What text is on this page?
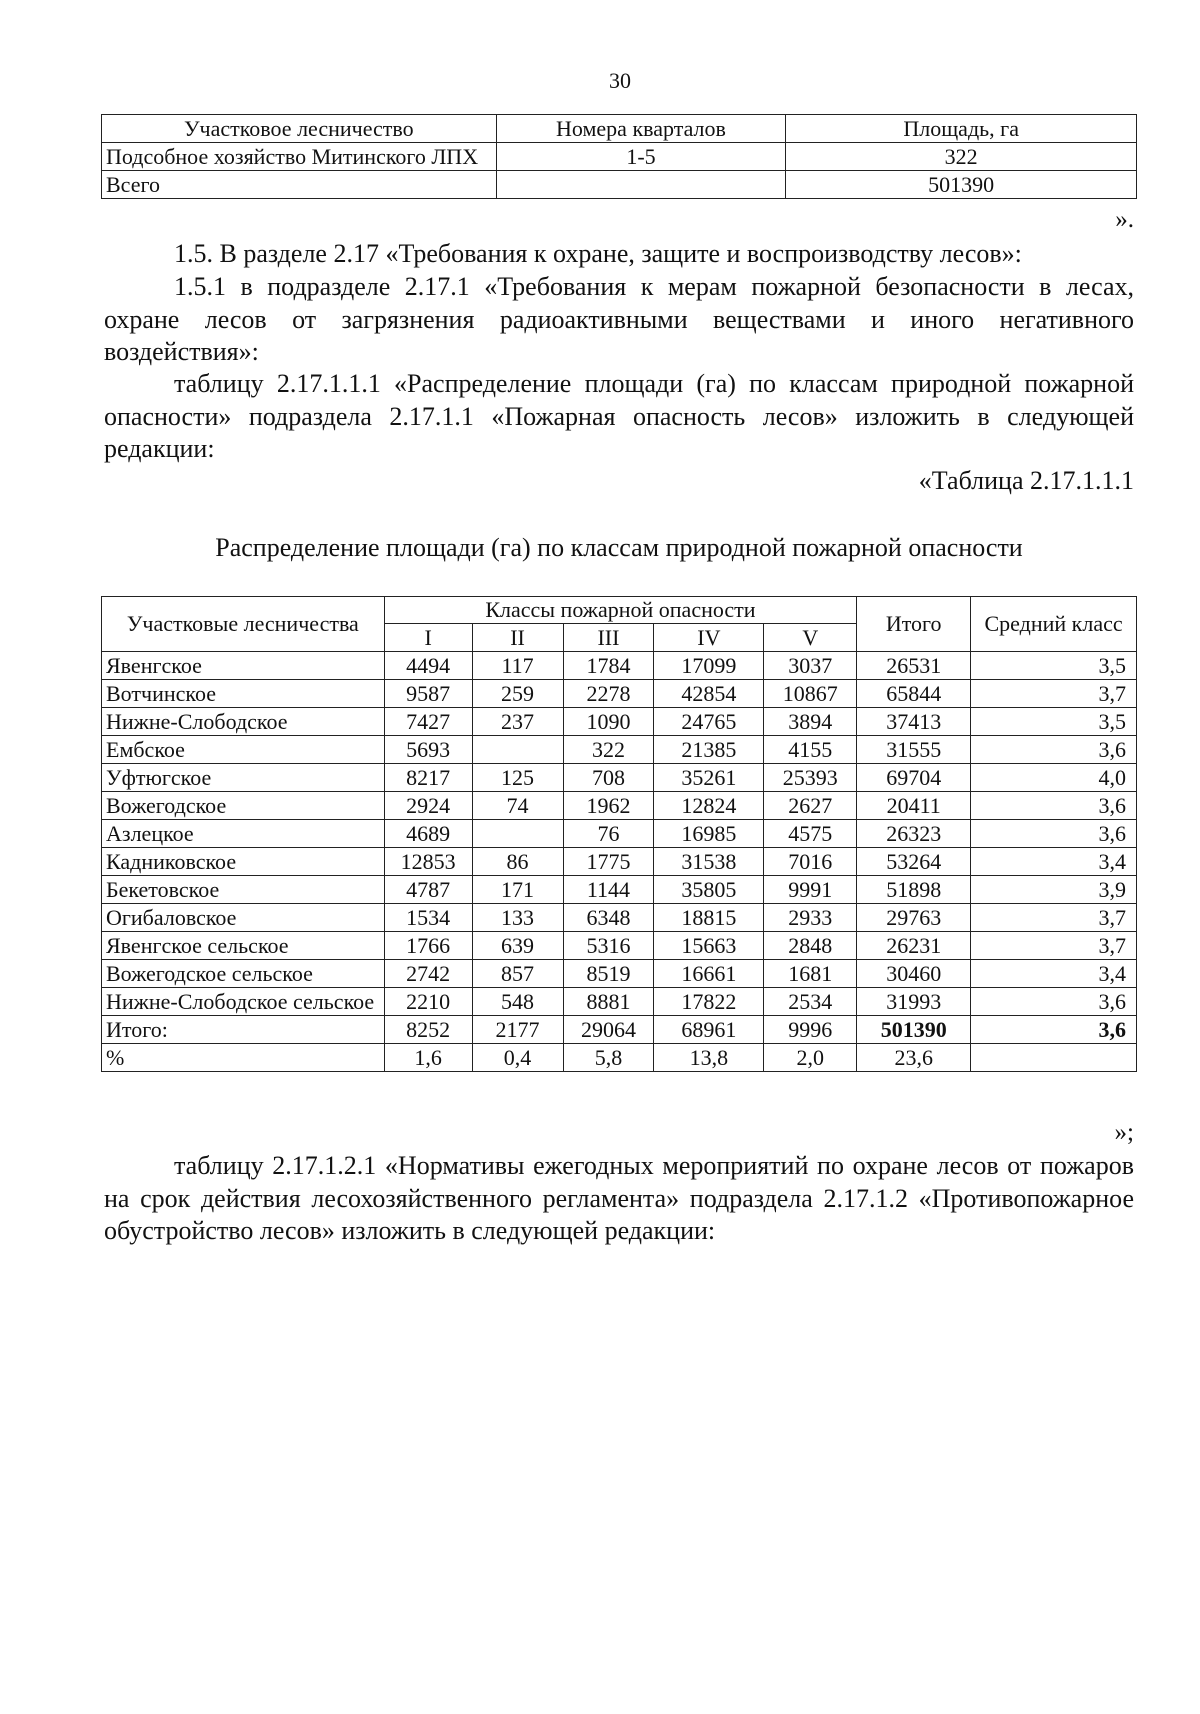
30
Участковое лесничество	Номера кварталов	Площадь, га
Подсобное хозяйство Митинского ЛПХ	1-5	322
Всего		501390
».
1.5. В разделе 2.17 «Требования к охране, защите и воспроизводству лесов»:
1.5.1 в подразделе 2.17.1 «Требования к мерам пожарной безопасности в лесах, охране лесов от загрязнения радиоактивными веществами и иного негативного воздействия»:
таблицу 2.17.1.1.1 «Распределение площади (га) по классам природной пожарной опасности» подраздела 2.17.1.1 «Пожарная опасность лесов» изложить в следующей редакции:
«Таблица 2.17.1.1.1
Распределение площади (га) по классам природной пожарной опасности
Участковые лесничества	Классы пожарной опасности					Итого	Средний класс
	I	II	III	IV	V		
Явенгское	4494	117	1784	17099	3037	26531	3,5
Вотчинское	9587	259	2278	42854	10867	65844	3,7
Нижне-Слободское	7427	237	1090	24765	3894	37413	3,5
Ембское	5693		322	21385	4155	31555	3,6
Уфтюгское	8217	125	708	35261	25393	69704	4,0
Вожегодское	2924	74	1962	12824	2627	20411	3,6
Азлецкое	4689		76	16985	4575	26323	3,6
Кадниковское	12853	86	1775	31538	7016	53264	3,4
Бекетовское	4787	171	1144	35805	9991	51898	3,9
Огибаловское	1534	133	6348	18815	2933	29763	3,7
Явенгское сельское	1766	639	5316	15663	2848	26231	3,7
Вожегодское сельское	2742	857	8519	16661	1681	30460	3,4
Нижне-Слободское сельское	2210	548	8881	17822	2534	31993	3,6
Итого:	8252	2177	29064	68961	9996	501390	3,6
%	1,6	0,4	5,8	13,8	2,0	23,6	
»;
таблицу 2.17.1.2.1 «Нормативы ежегодных мероприятий по охране лесов от пожаров на срок действия лесохозяйственного регламента» подраздела 2.17.1.2 «Противопожарное обустройство лесов» изложить в следующей редакции:
